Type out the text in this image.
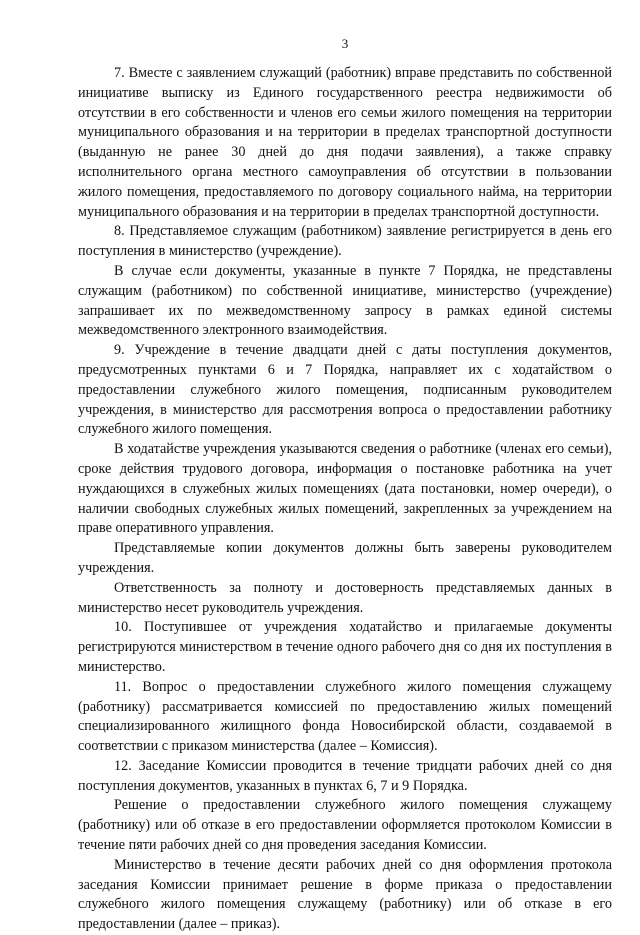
3

7. Вместе с заявлением служащий (работник) вправе представить по собственной инициативе выписку из Единого государственного реестра недвижимости об отсутствии в его собственности и членов его семьи жилого помещения на территории муниципального образования и на территории в пределах транспортной доступности (выданную не ранее 30 дней до дня подачи заявления), а также справку исполнительного органа местного самоуправления об отсутствии в пользовании жилого помещения, предоставляемого по договору социального найма, на территории муниципального образования и на территории в пределах транспортной доступности.

8. Представляемое служащим (работником) заявление регистрируется в день его поступления в министерство (учреждение).

В случае если документы, указанные в пункте 7 Порядка, не представлены служащим (работником) по собственной инициативе, министерство (учреждение) запрашивает их по межведомственному запросу в рамках единой системы межведомственного электронного взаимодействия.

9. Учреждение в течение двадцати дней с даты поступления документов, предусмотренных пунктами 6 и 7 Порядка, направляет их с ходатайством о предоставлении служебного жилого помещения, подписанным руководителем учреждения, в министерство для рассмотрения вопроса о предоставлении работнику служебного жилого помещения.

В ходатайстве учреждения указываются сведения о работнике (членах его семьи), сроке действия трудового договора, информация о постановке работника на учет нуждающихся в служебных жилых помещениях (дата постановки, номер очереди), о наличии свободных служебных жилых помещений, закрепленных за учреждением на праве оперативного управления.

Представляемые копии документов должны быть заверены руководителем учреждения.

Ответственность за полноту и достоверность представляемых данных в министерство несет руководитель учреждения.

10. Поступившее от учреждения ходатайство и прилагаемые документы регистрируются министерством в течение одного рабочего дня со дня их поступления в министерство.

11. Вопрос о предоставлении служебного жилого помещения служащему (работнику) рассматривается комиссией по предоставлению жилых помещений специализированного жилищного фонда Новосибирской области, создаваемой в соответствии с приказом министерства (далее – Комиссия).

12. Заседание Комиссии проводится в течение тридцати рабочих дней со дня поступления документов, указанных в пунктах 6, 7 и 9 Порядка.

Решение о предоставлении служебного жилого помещения служащему (работнику) или об отказе в его предоставлении оформляется протоколом Комиссии в течение пяти рабочих дней со дня проведения заседания Комиссии.

Министерство в течение десяти рабочих дней со дня оформления протокола заседания Комиссии принимает решение в форме приказа о предоставлении служебного жилого помещения служащему (работнику) или об отказе в его предоставлении (далее – приказ).
